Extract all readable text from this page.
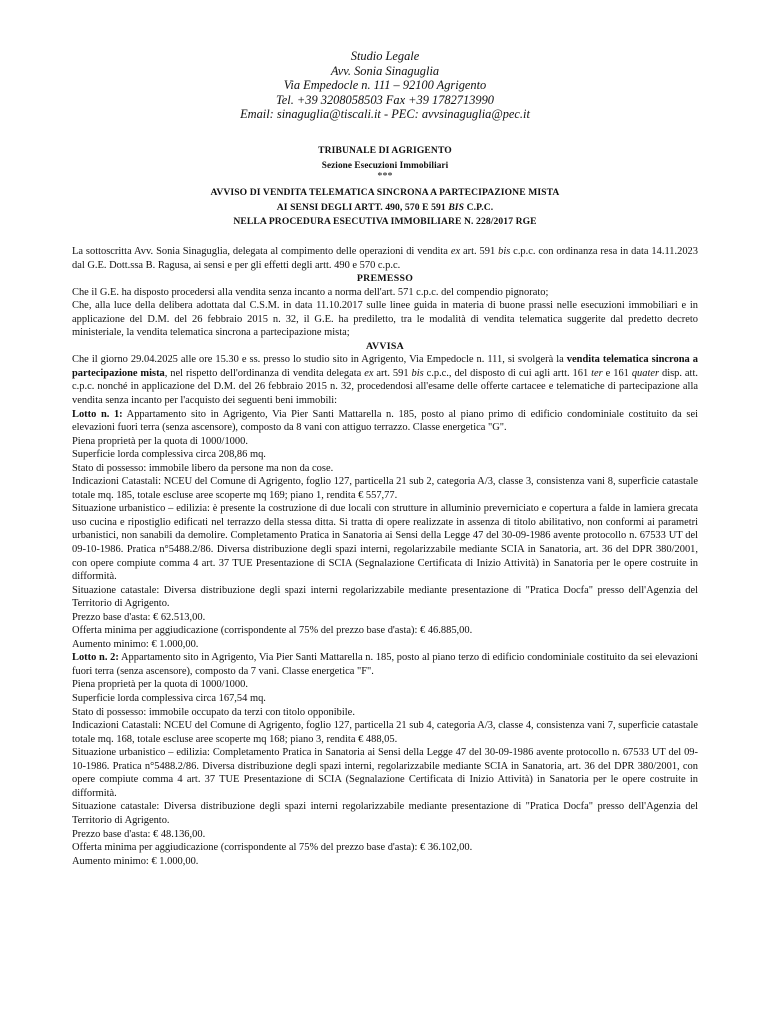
Studio Legale
Avv. Sonia Sinaguglia
Via Empedocle n. 111 – 92100 Agrigento
Tel. +39 3208058503 Fax +39 1782713990
Email: sinaguglia@tiscali.it - PEC: avvsinaguglia@pec.it
TRIBUNALE DI AGRIGENTO
Sezione Esecuzioni Immobiliari
***
AVVISO DI VENDITA TELEMATICA SINCRONA A PARTECIPAZIONE MISTA
AI SENSI DEGLI ARTT. 490, 570 E 591 BIS C.P.C.
NELLA PROCEDURA ESECUTIVA IMMOBILIARE N. 228/2017 RGE

La sottoscritta Avv. Sonia Sinaguglia, delegata al compimento delle operazioni di vendita ex art. 591 bis c.p.c. con ordinanza resa in data 14.11.2023 dal G.E. Dott.ssa B. Ragusa, ai sensi e per gli effetti degli artt. 490 e 570 c.p.c.

PREMESSO

Che il G.E. ha disposto procedersi alla vendita senza incanto a norma dell'art. 571 c.p.c. del compendio pignorato;

Che, alla luce della delibera adottata dal C.S.M. in data 11.10.2017 sulle linee guida in materia di buone prassi nelle esecuzioni immobiliari e in applicazione del D.M. del 26 febbraio 2015 n. 32, il G.E. ha prediletto, tra le modalità di vendita telematica suggerite dal predetto decreto ministeriale, la vendita telematica sincrona a partecipazione mista;

AVVISA

Che il giorno 29.04.2025 alle ore 15.30 e ss. presso lo studio sito in Agrigento, Via Empedocle n. 111, si svolgerà la vendita telematica sincrona a partecipazione mista, nel rispetto dell'ordinanza di vendita delegata ex art. 591 bis c.p.c., del disposto di cui agli artt. 161 ter e 161 quater disp. att. c.p.c. nonché in applicazione del D.M. del 26 febbraio 2015 n. 32, procedendosi all'esame delle offerte cartacee e telematiche di partecipazione alla vendita senza incanto per l'acquisto dei seguenti beni immobili:

Lotto n. 1: Appartamento sito in Agrigento, Via Pier Santi Mattarella n. 185, posto al piano primo di edificio condominiale costituito da sei elevazioni fuori terra (senza ascensore), composto da 8 vani con attiguo terrazzo. Classe energetica "G".

Piena proprietà per la quota di 1000/1000.

Superficie lorda complessiva circa 208,86 mq.

Stato di possesso: immobile libero da persone ma non da cose.

Indicazioni Catastali: NCEU del Comune di Agrigento, foglio 127, particella 21 sub 2, categoria A/3, classe 3, consistenza vani 8, superficie catastale totale mq. 185, totale escluse aree scoperte mq 169; piano 1, rendita € 557,77.

Situazione urbanistico – edilizia: è presente la costruzione di due locali con strutture in alluminio preverniciato e copertura a falde in lamiera grecata uso cucina e ripostiglio edificati nel terrazzo della stessa ditta. Si tratta di opere realizzate in assenza di titolo abilitativo, non conformi ai parametri urbanistici, non sanabili da demolire. Completamento Pratica in Sanatoria ai Sensi della Legge 47 del 30-09-1986 avente protocollo n. 67533 UT del 09-10-1986. Pratica n°5488.2/86. Diversa distribuzione degli spazi interni, regolarizzabile mediante SCIA in Sanatoria, art. 36 del DPR 380/2001, con opere compiute comma 4 art. 37 TUE Presentazione di SCIA (Segnalazione Certificata di Inizio Attività) in Sanatoria per le opere costruite in difformità.

Situazione catastale: Diversa distribuzione degli spazi interni regolarizzabile mediante presentazione di "Pratica Docfa" presso dell'Agenzia del Territorio di Agrigento.

Prezzo base d'asta: € 62.513,00.

Offerta minima per aggiudicazione (corrispondente al 75% del prezzo base d'asta): € 46.885,00.

Aumento minimo: € 1.000,00.

Lotto n. 2: Appartamento sito in Agrigento, Via Pier Santi Mattarella n. 185, posto al piano terzo di edificio condominiale costituito da sei elevazioni fuori terra (senza ascensore), composto da 7 vani. Classe energetica "F".

Piena proprietà per la quota di 1000/1000.

Superficie lorda complessiva circa 167,54 mq.

Stato di possesso: immobile occupato da terzi con titolo opponibile.

Indicazioni Catastali: NCEU del Comune di Agrigento, foglio 127, particella 21 sub 4, categoria A/3, classe 4, consistenza vani 7, superficie catastale totale mq. 168, totale escluse aree scoperte mq 168; piano 3, rendita € 488,05.

Situazione urbanistico – edilizia: Completamento Pratica in Sanatoria ai Sensi della Legge 47 del 30-09-1986 avente protocollo n. 67533 UT del 09-10-1986. Pratica n°5488.2/86. Diversa distribuzione degli spazi interni, regolarizzabile mediante SCIA in Sanatoria, art. 36 del DPR 380/2001, con opere compiute comma 4 art. 37 TUE Presentazione di SCIA (Segnalazione Certificata di Inizio Attività) in Sanatoria per le opere costruite in difformità.

Situazione catastale: Diversa distribuzione degli spazi interni regolarizzabile mediante presentazione di "Pratica Docfa" presso dell'Agenzia del Territorio di Agrigento.

Prezzo base d'asta: € 48.136,00.

Offerta minima per aggiudicazione (corrispondente al 75% del prezzo base d'asta): € 36.102,00.

Aumento minimo: € 1.000,00.
